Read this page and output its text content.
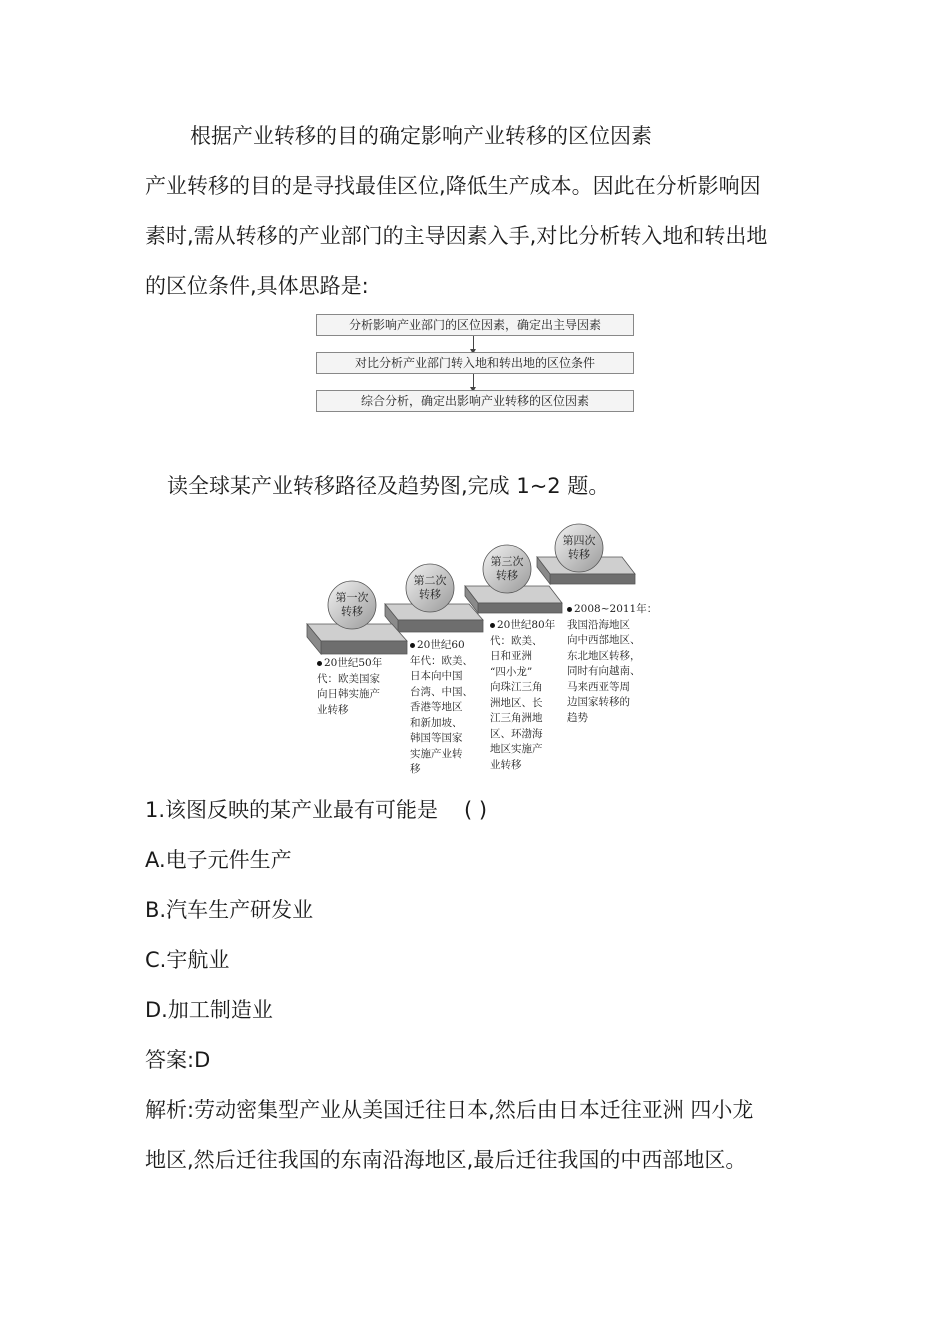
根据产业转移的目的确定影响产业转移的区位因素
产业转移的目的是寻找最佳区位,降低生产成本。因此在分析影响因
素时,需从转移的产业部门的主导因素入手,对比分析转入地和转出地
的区位条件,具体思路是:
分析影响产业部门的区位因素，确定出主导因素
对比分析产业部门转入地和转出地的区位条件
综合分析，确定出影响产业转移的区位因素
读全球某产业转移路径及趋势图,完成 1~2 题。
第一次
转移
第二次
转移
第三次
转移
第四次
转移
20世纪50年
代：欧美国家
向日韩实施产
业转移
20世纪60
年代：欧美、
日本向中国
台湾、中国、
香港等地区
和新加坡、
韩国等国家
实施产业转
移
20世纪80年
代：欧美、
日和亚洲
“四小龙”
向珠江三角
洲地区、长
江三角洲地
区、环渤海
地区实施产
业转移
2008~2011年：
我国沿海地区
向中西部地区、
东北地区转移，
同时有向越南、
马来西亚等周
边国家转移的
趋势
1.该图反映的某产业最有可能是 ( )
A.电子元件生产
B.汽车生产研发业
C.宇航业
D.加工制造业
答案:D
解析:劳动密集型产业从美国迁往日本,然后由日本迁往亚洲 四小龙
地区,然后迁往我国的东南沿海地区,最后迁往我国的中西部地区。
